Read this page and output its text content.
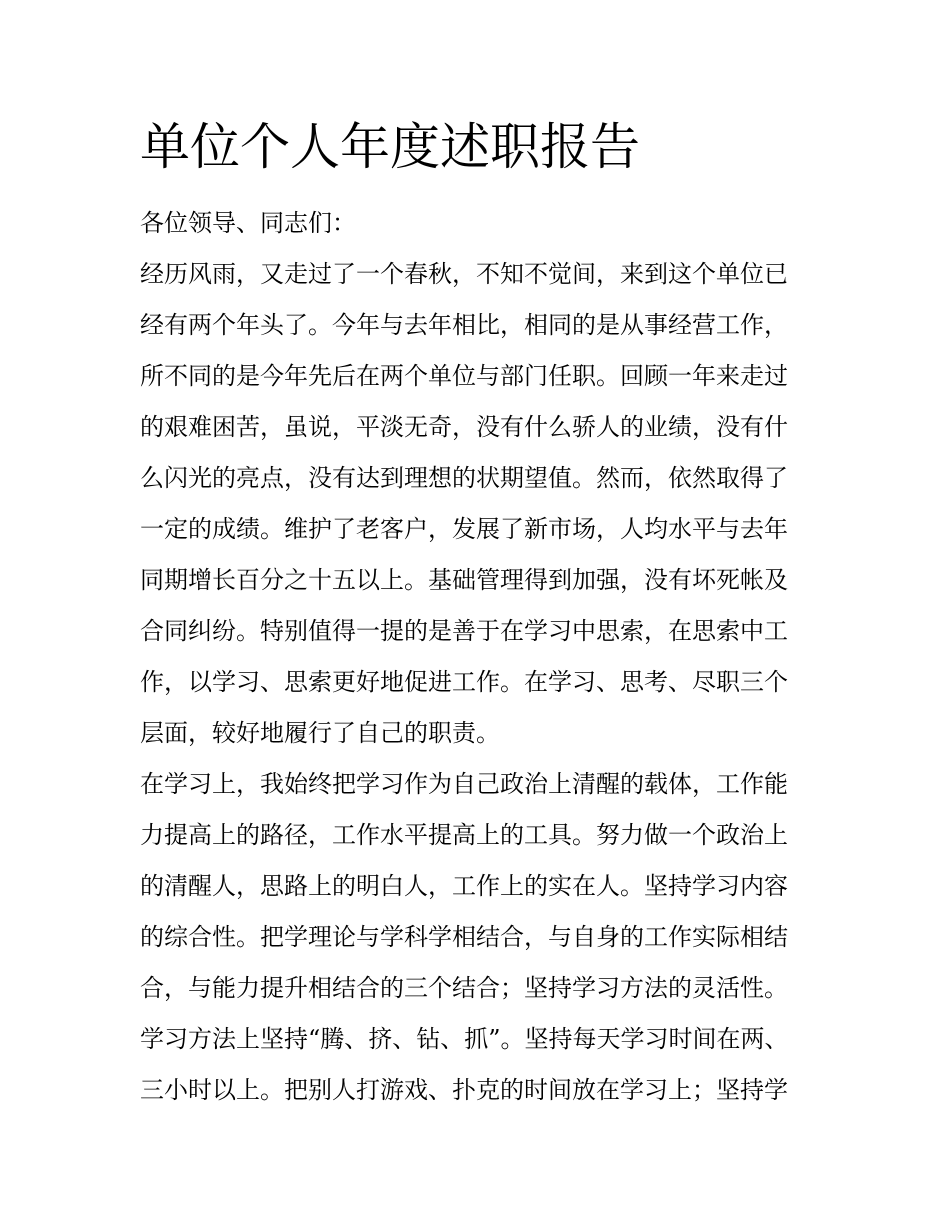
单位个人年度述职报告
各位领导、同志们：
经历风雨，又走过了一个春秋，不知不觉间，来到这个单位已
经有两个年头了。今年与去年相比，相同的是从事经营工作，
所不同的是今年先后在两个单位与部门任职。回顾一年来走过
的艰难困苦，虽说，平淡无奇，没有什么骄人的业绩，没有什
么闪光的亮点，没有达到理想的状期望值。然而，依然取得了
一定的成绩。维护了老客户，发展了新市场，人均水平与去年
同期增长百分之十五以上。基础管理得到加强，没有坏死帐及
合同纠纷。特别值得一提的是善于在学习中思索，在思索中工
作，以学习、思索更好地促进工作。在学习、思考、尽职三个
层面，较好地履行了自己的职责。
在学习上，我始终把学习作为自己政治上清醒的载体，工作能
力提高上的路径，工作水平提高上的工具。努力做一个政治上
的清醒人，思路上的明白人，工作上的实在人。坚持学习内容
的综合性。把学理论与学科学相结合，与自身的工作实际相结
合，与能力提升相结合的三个结合；坚持学习方法的灵活性。
学习方法上坚持“腾、挤、钻、抓”。坚持每天学习时间在两、
三小时以上。把别人打游戏、扑克的时间放在学习上；坚持学
